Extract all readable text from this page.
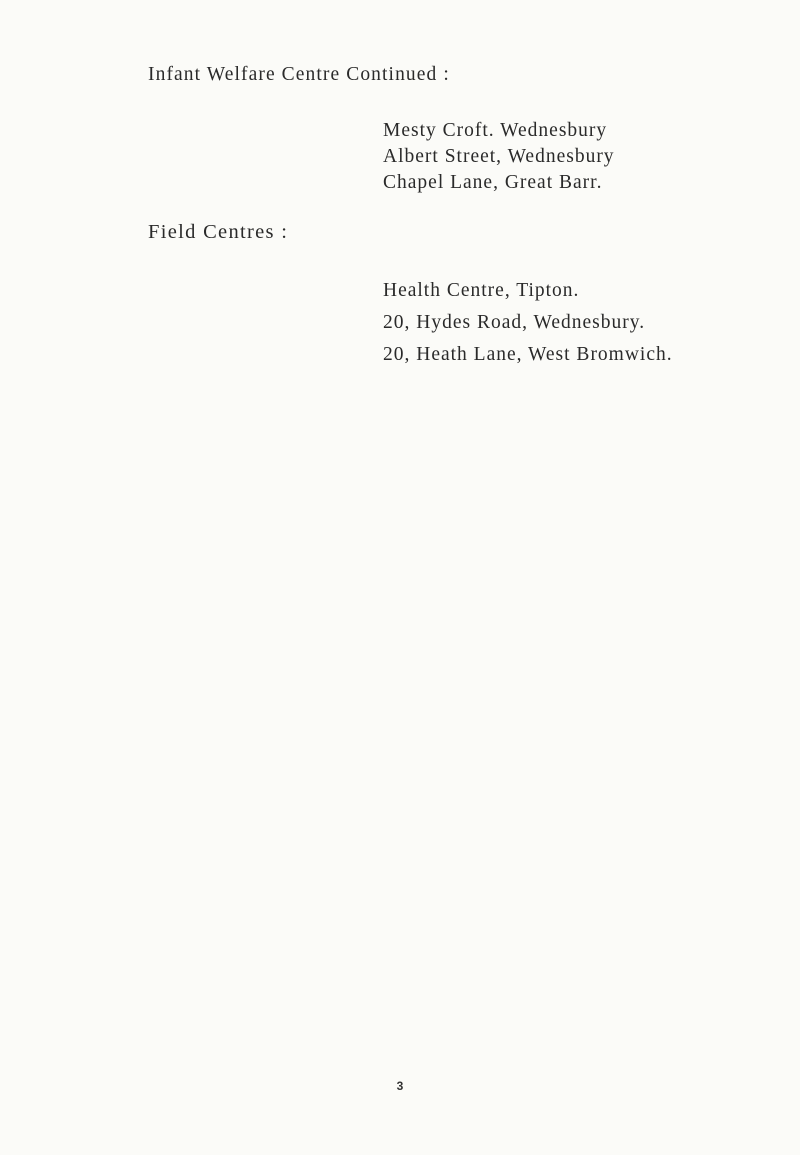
Infant Welfare Centre Continued :
Mesty Croft. Wednesbury
Albert Street, Wednesbury
Chapel Lane, Great Barr.
Field Centres :
Health Centre, Tipton.
20, Hydes Road, Wednesbury.
20, Heath Lane, West Bromwich.
3
